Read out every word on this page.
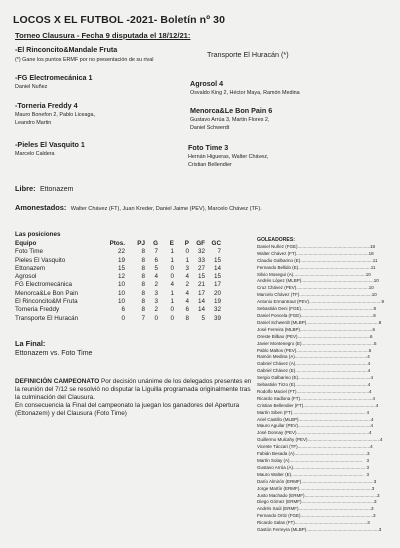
LOCOS X EL FUTBOL -2021- Boletín nº 30
Torneo Clausura - Fecha 9 disputada el 18/12/21:
-El Rinconcito&Mandale Fruta
Transporte El Huracán (*)
(*) Gane los puntos ERMF por no presentación de su rival
-FG Electromecánica 1
Daniel Nuñez	Agrosol 4
Osvaldo King 2, Héctor Maya, Ramón Medina
-Torneria Freddy 4
Mauro Bonefon 2, Pablo Liceaga,
Leandro Martin
Menorca&Le Bon Pain 6
Gustavo Arrúa 3, Martin Flores 2,
Daniel Schwerdt
-Pieles El Vasquito 1
Marcelo Caldera
Foto Time 3
Hernán Higueras, Walter Chávez,
Cristian Bellendier
Libre: Ettonazem
Amonestados: Walter Chávez (FT), Juan Kreder, Daniel Jaime (PEV), Marcelo Chávez (TF).
Las posiciones
Equipo	Ptos.	PJ	G	E	P	GF	GC
Foto Time	22	8	7	1	0	32	7
Pieles El Vasquito	19	8	6	1	1	33	15
Ettonazem	15	8	5	0	3	27	14
Agrosol	12	8	4	0	4	15	15
FG Electromecánica	10	8	2	4	2	21	17
Menorca&Le Bon Pain	10	8	3	1	4	17	20
El Rinconcito&M Fruta	10	8	3	1	4	14	19
Torneria Freddy	6	8	2	0	6	14	32
Transporte El Huracán	0	7	0	0	8	5	39
La Final:
Ettonazem vs. Foto Time
DEFINICIÓN CAMPEONATO Por decisión unánime de los delegados presentes en la reunión del 7/12 se resolvió no disputar la Liguilla programada originalmente tras la culminación del Clausura.
En consecuencia la Final del campeonato la juegan los ganadores del Apertura (Ettonazem) y del Clausura (Foto Time)
GOLEADORES:
Daniel Nuñez (FGE) .......................................................... 18
Walter Chávez (FT) .......................................................... 18
Claudio Galbarino (E) .......................................................... 11
Fernando Bellido (E) .......................................................... 11
Silvio Mosegui (A) .......................................................... 10
Andrés López (MLBP) .......................................................... 10
Cruz Chávez (PEV) .......................................................... 10
Marcelo Chávez (TF) .......................................................... 10
Antonio Ermantraut (PEV) .......................................................... 9
Sebastián Deni (FGE) .......................................................... 8
Daniel Poncela (FGE) .......................................................... 8
Daniel Schwerdt (MLBP) .......................................................... 8
José Ferreira (MLBP) .......................................................... 6
Oreste Bilbao (PEV) .......................................................... 6
Javier Montenegro (E) .......................................................... 5
Pablo Maltos (PEV) .......................................................... 5
Ramón Medina (A) .......................................................... 4
Gabriel Chávez (A) .......................................................... 4
Gabriel Chávez (E) .......................................................... 4
Sergio Galbarino (E) .......................................................... 4
Sebastián Tirzo (E) .......................................................... 4
Rodolfo Maciel (FT) .......................................................... 4
Ricardo Sadlona (FT) .......................................................... 4
Cristian Bellendier (FT) .......................................................... 4
Martín Siben (FT) .......................................................... 4
Ariel Castillo (MLBP) .......................................................... 4
Mauro Aguilar (PEV) .......................................................... 4
José Donnay (PEV) .......................................................... 4
Guillermo Mulcahy (PEV) .......................................................... 4
Vicente Táccari (TF) .......................................................... 4
Fabián Besada (A) .......................................................... 3
Martín Solay (A) .......................................................... 3
Gustavo Arrúa (A) .......................................................... 3
Mauro Walter (E) .......................................................... 3
Darío Almirón (ERMF) .......................................................... 3
Jorge Martín (ERMF) .......................................................... 3
Justo Machado (ERMF) .......................................................... 3
Diego Gómez (ERMF) .......................................................... 3
Andrés Saúl (ERMF) .......................................................... 3
Fernando Ortiz (FGE) .......................................................... 3
Ricardo Salas (FT) .......................................................... 3
Gastón Ferreyra (MLBP) .......................................................... 3
